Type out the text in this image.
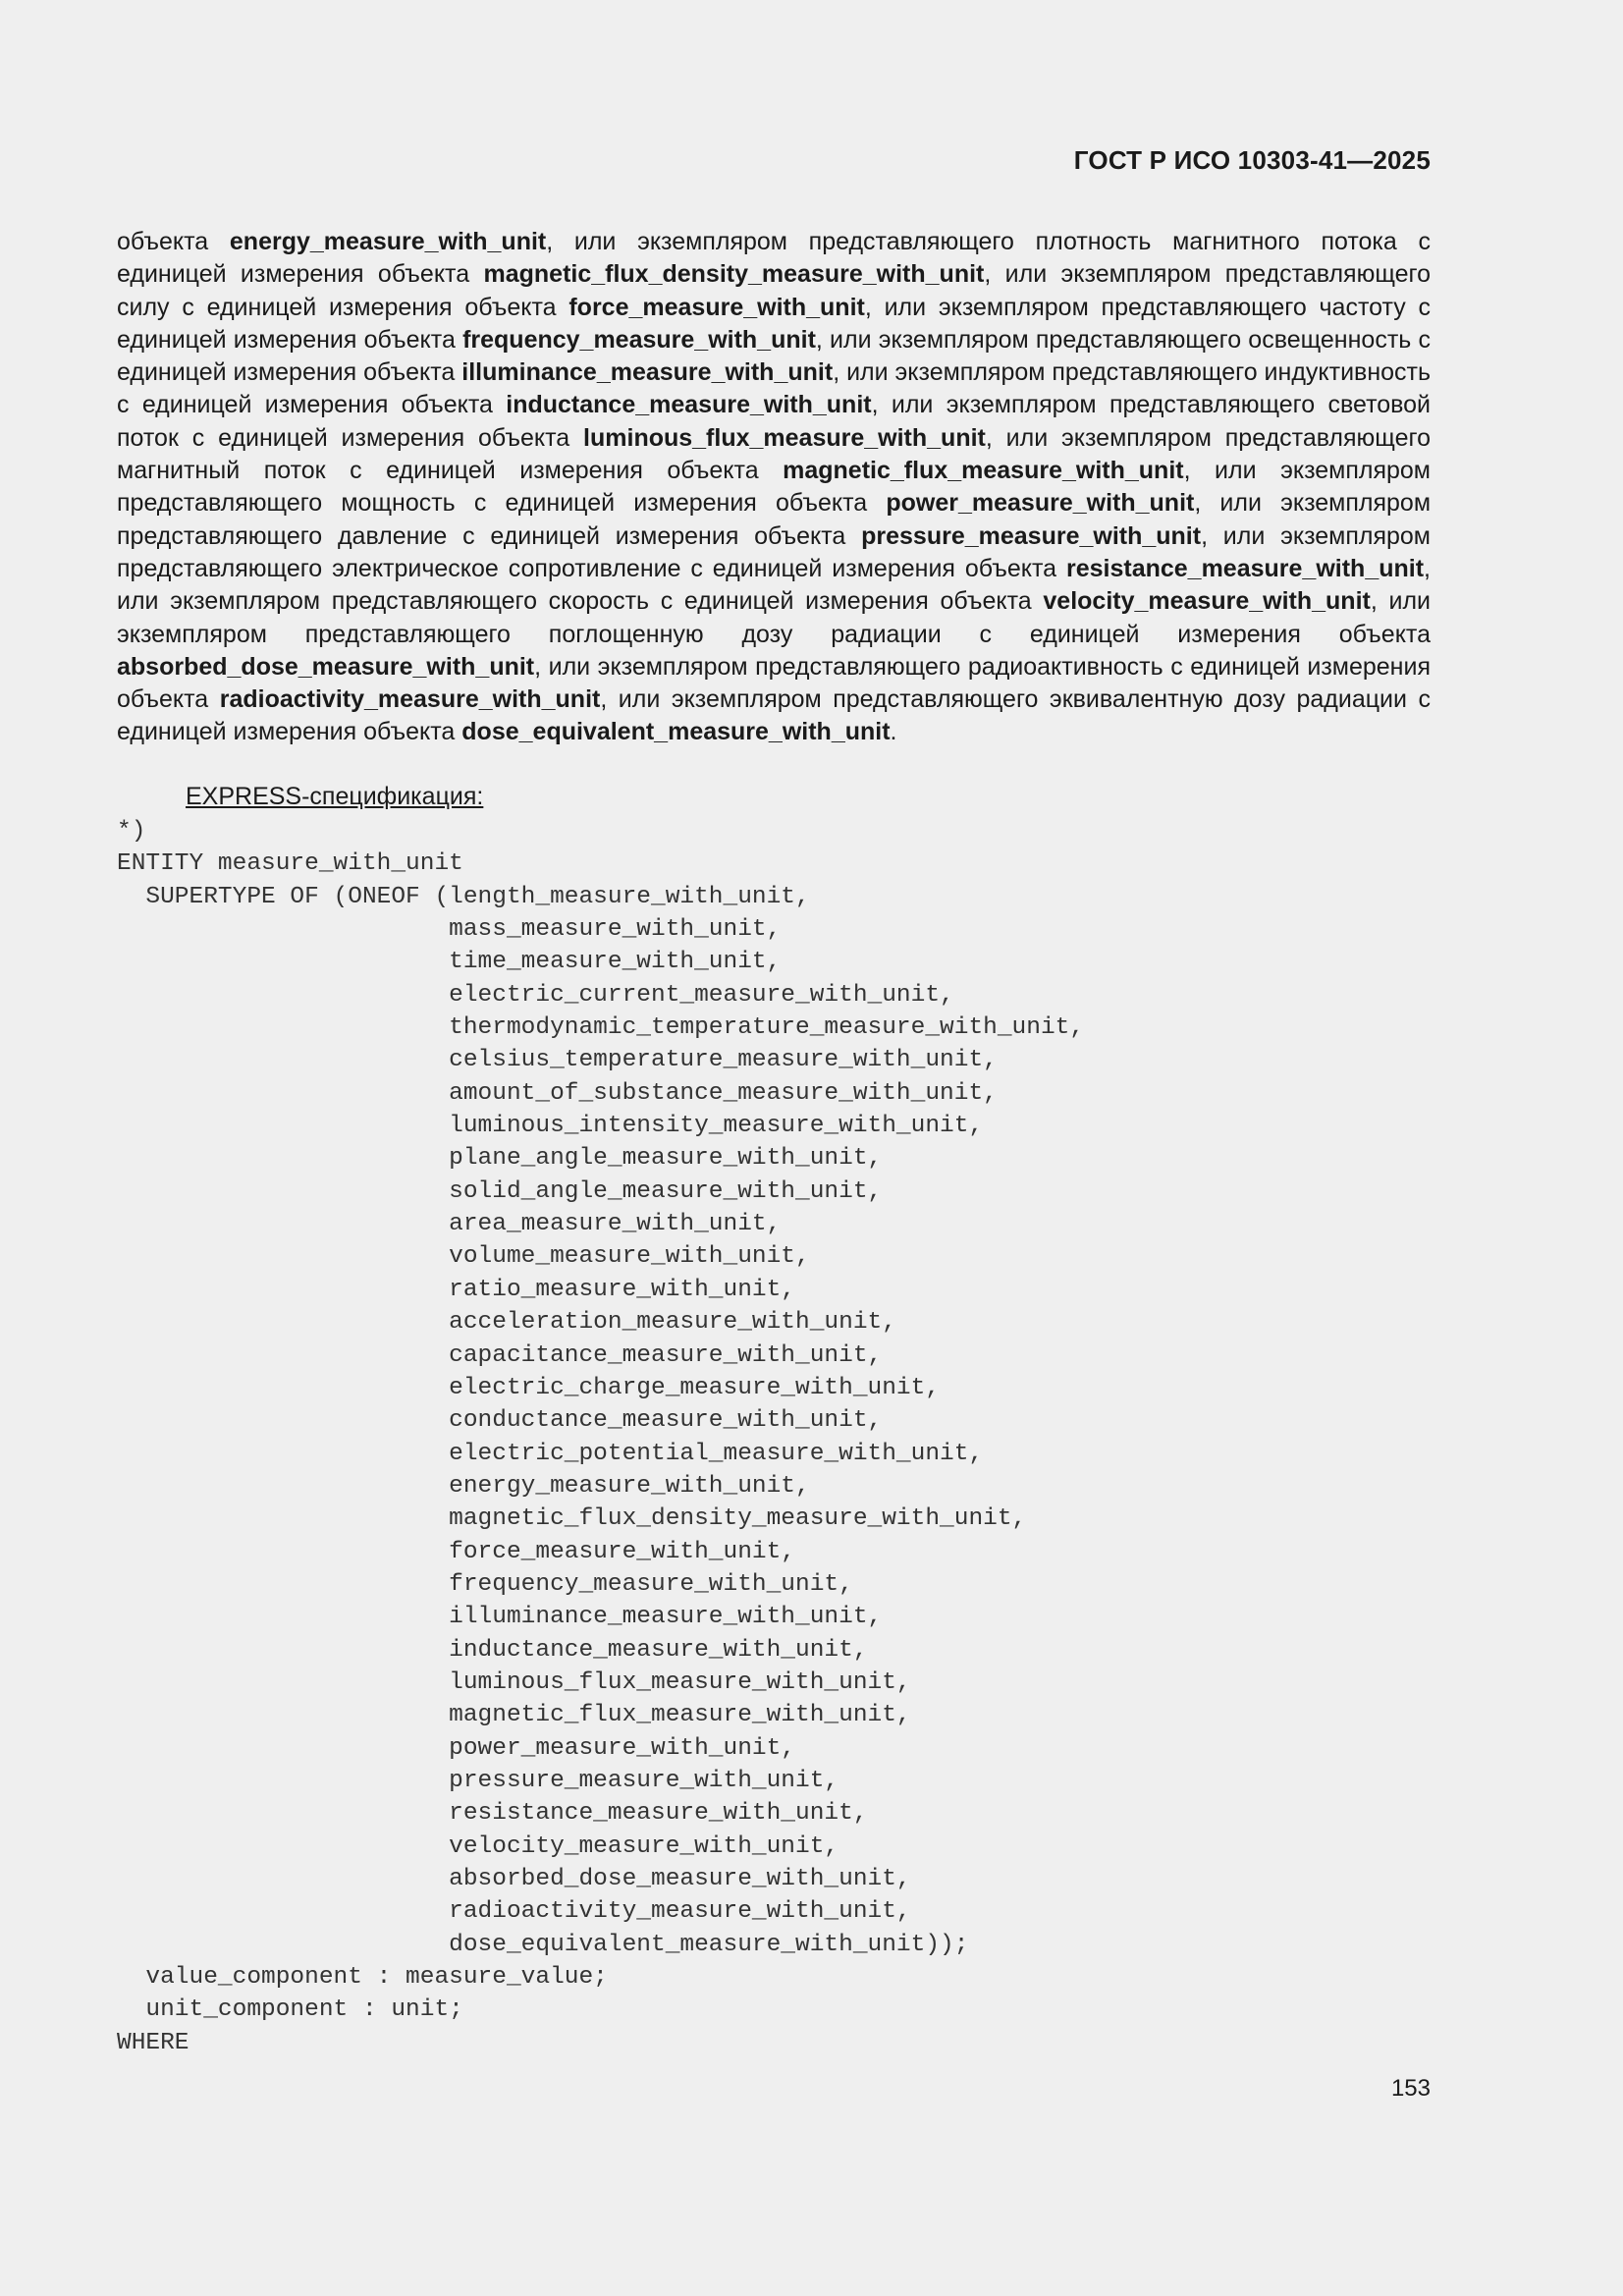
ГОСТ Р ИСО 10303-41—2025

объекта energy_measure_with_unit, или экземпляром представляющего плотность магнитного потока с единицей измерения объекта magnetic_flux_density_measure_with_unit, или экземпляром представляющего силу с единицей измерения объекта force_measure_with_unit, или экземпляром представляющего частоту с единицей измерения объекта frequency_measure_with_unit, или экземпляром представляющего освещенность с единицей измерения объекта illuminance_measure_with_​unit, или экземпляром представляющего индуктивность с единицей измерения объекта inductance_​measure_with_unit, или экземпляром представляющего световой поток с единицей измерения объекта luminous_flux_measure_with_unit, или экземпляром представляющего магнитный поток с единицей измерения объекта magnetic_flux_measure_with_unit, или экземпляром представляющего мощность с единицей измерения объекта power_measure_with_unit, или экземпляром представляющего давление с единицей измерения объекта pressure_measure_with_unit, или экземпляром представляющего электрическое сопротивление с единицей измерения объекта resistance_measure_with_unit, или экземпляром представляющего скорость с единицей измерения объекта velocity_measure_with_​unit, или экземпляром представляющего поглощенную дозу радиации с единицей измерения объекта absorbed_dose_measure_with_unit, или экземпляром представляющего радиоактивность с единицей измерения объекта radioactivity_measure_with_unit, или экземпляром представляющего эквивалентную дозу радиации с единицей измерения объекта dose_equivalent_measure_with_unit.

EXPRESS-спецификация:
*)
ENTITY measure_with_unit
SUPERTYPE OF (ONEOF (length_measure_with_unit,
mass_measure_with_unit,
time_measure_with_unit,
electric_current_measure_with_unit,
thermodynamic_temperature_measure_with_unit,
celsius_temperature_measure_with_unit,
amount_of_substance_measure_with_unit,
luminous_intensity_measure_with_unit,
plane_angle_measure_with_unit,
solid_angle_measure_with_unit,
area_measure_with_unit,
volume_measure_with_unit,
ratio_measure_with_unit,
acceleration_measure_with_unit,
capacitance_measure_with_unit,
electric_charge_measure_with_unit,
conductance_measure_with_unit,
electric_potential_measure_with_unit,
energy_measure_with_unit,
magnetic_flux_density_measure_with_unit,
force_measure_with_unit,
frequency_measure_with_unit,
illuminance_measure_with_unit,
inductance_measure_with_unit,
luminous_flux_measure_with_unit,
magnetic_flux_measure_with_unit,
power_measure_with_unit,
pressure_measure_with_unit,
resistance_measure_with_unit,
velocity_measure_with_unit,
absorbed_dose_measure_with_unit,
radioactivity_measure_with_unit,
dose_equivalent_measure_with_unit));
value_component : measure_value;
unit_component : unit;
WHERE
153
